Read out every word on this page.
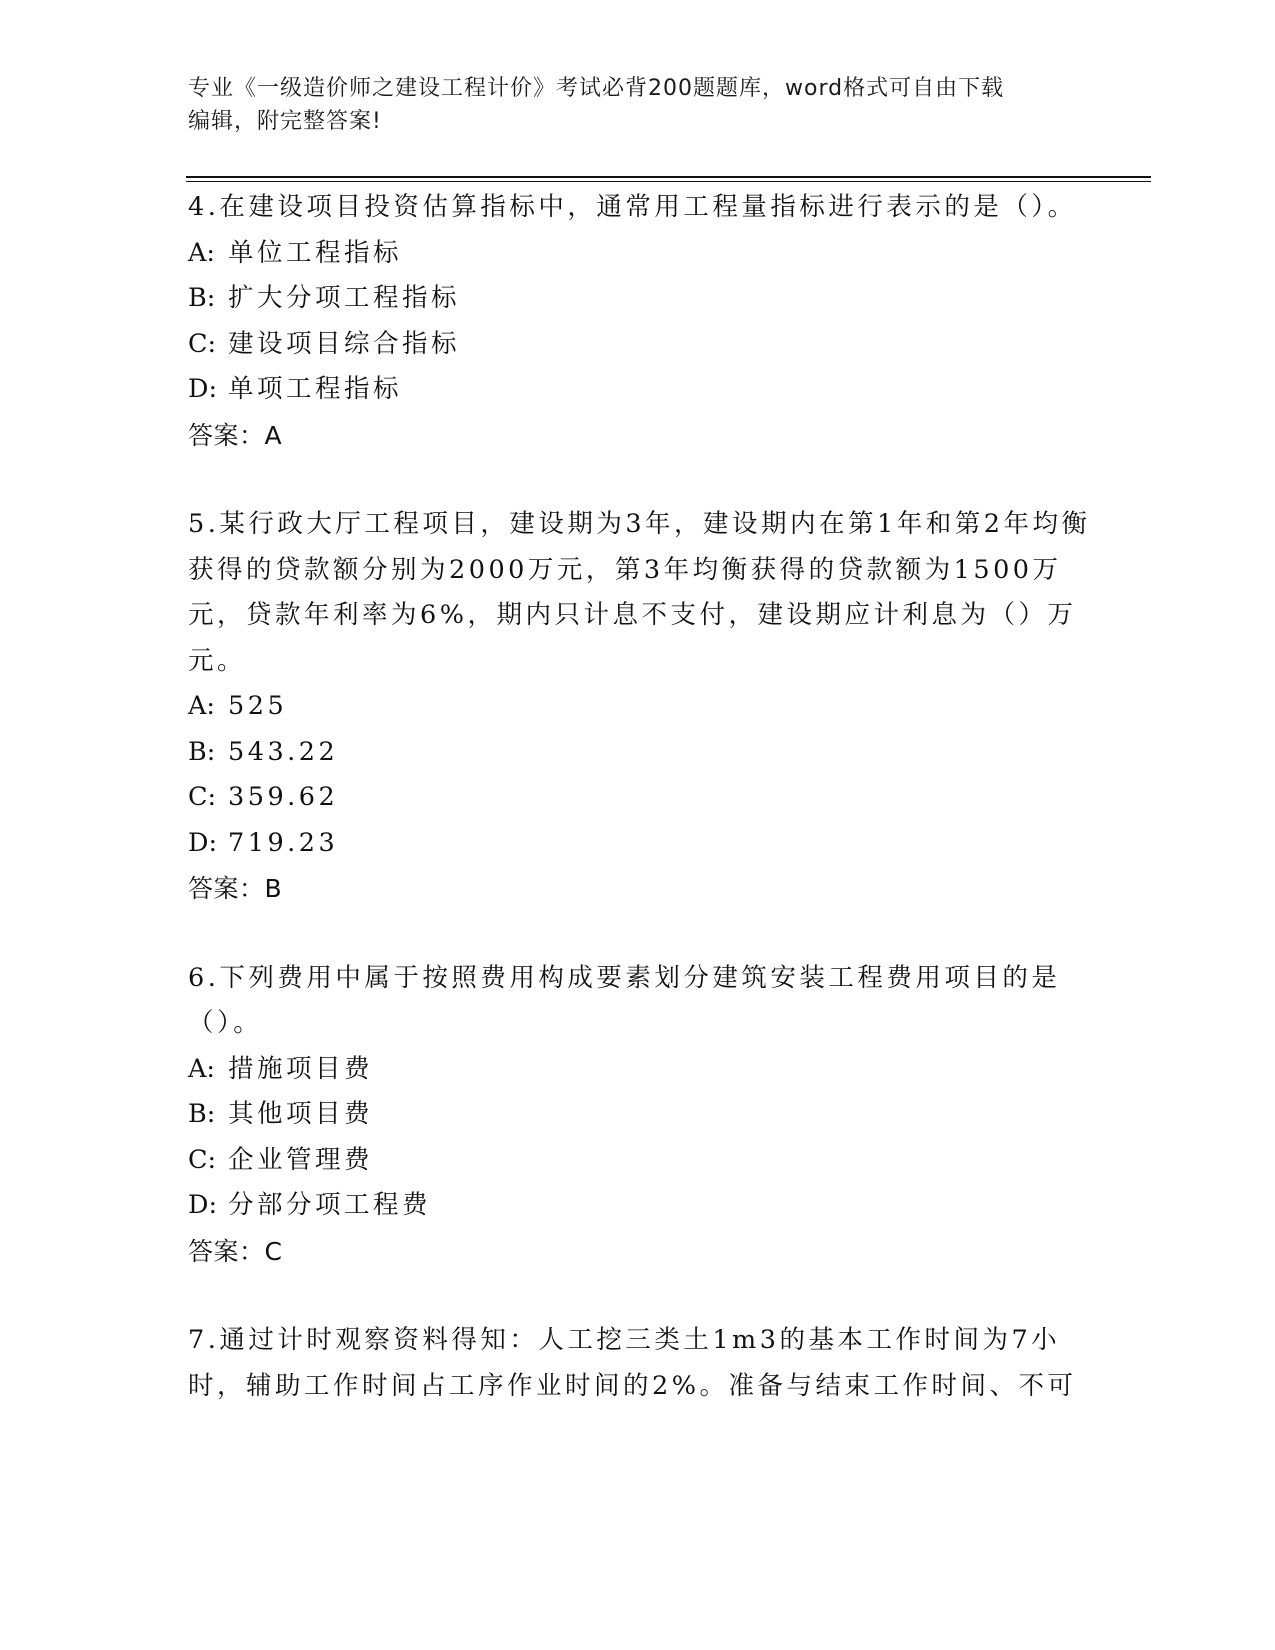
专业《一级造价师之建设工程计价》考试必背200题题库，word格式可自由下载
编辑，附完整答案!

4.在建设项目投资估算指标中，通常用工程量指标进行表示的是（）。

A: 单位工程指标

B: 扩大分项工程指标

C: 建设项目综合指标

D: 单项工程指标

答案：A

5.某行政大厅工程项目，建设期为3年，建设期内在第1年和第2年均衡获得的贷款额分别为2000万元，第3年均衡获得的贷款额为1500万元，贷款年利率为6%，期内只计息不支付，建设期应计利息为（）万元。

A: 525

B: 543.22

C: 359.62

D: 719.23

答案：B

6.下列费用中属于按照费用构成要素划分建筑安装工程费用项目的是（）。

A: 措施项目费

B: 其他项目费

C: 企业管理费

D: 分部分项工程费

答案：C

7.通过计时观察资料得知：人工挖三类土1m3的基本工作时间为7小时，辅助工作时间占工序作业时间的2%。准备与结束工作时间、不可
